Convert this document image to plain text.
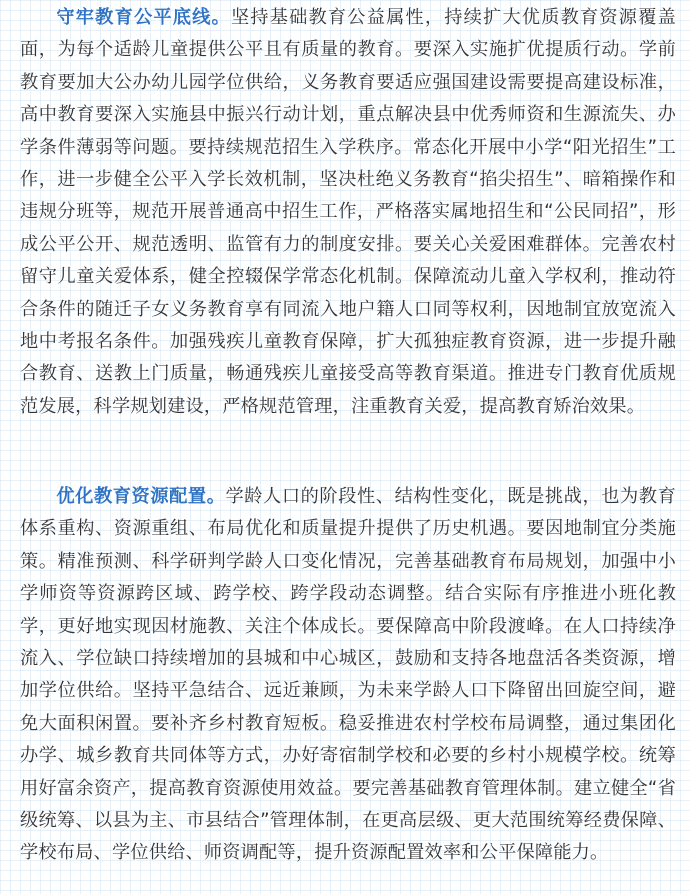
守牢教育公平底线。坚持基础教育公益属性，持续扩大优质教育资源覆盖面，为每个适龄儿童提供公平且有质量的教育。要深入实施扩优提质行动。学前教育要加大公办幼儿园学位供给，义务教育要适应强国建设需要提高建设标准，高中教育要深入实施县中振兴行动计划，重点解决县中优秀师资和生源流失、办学条件薄弱等问题。要持续规范招生入学秩序。常态化开展中小学“阳光招生”工作，进一步健全公平入学长效机制，坚决杜绝义务教育“掐尖招生”、暗箱操作和违规分班等，规范开展普通高中招生工作，严格落实属地招生和“公民同招”，形成公平公开、规范透明、监管有力的制度安排。要关心关爱困难群体。完善农村留守儿童关爱体系，健全控辍保学常态化机制。保障流动儿童入学权利，推动符合条件的随迁子女义务教育享有同流入地户籍人口同等权利，因地制宜放宽流入地中考报名条件。加强残疾儿童教育保障，扩大孤独症教育资源，进一步提升融合教育、送教上门质量，畅通残疾儿童接受高等教育渠道。推进专门教育优质规范发展，科学规划建设，严格规范管理，注重教育关爱，提高教育矫治效果。

优化教育资源配置。学龄人口的阶段性、结构性变化，既是挑战，也为教育体系重构、资源重组、布局优化和质量提升提供了历史机遇。要因地制宜分类施策。精准预测、科学研判学龄人口变化情况，完善基础教育布局规划，加强中小学师资等资源跨区域、跨学校、跨学段动态调整。结合实际有序推进小班化教学，更好地实现因材施教、关注个体成长。要保障高中阶段渡峰。在人口持续净流入、学位缺口持续增加的县城和中心城区，鼓励和支持各地盘活各类资源，增加学位供给。坚持平急结合、远近兼顾，为未来学龄人口下降留出回旋空间，避免大面积闲置。要补齐乡村教育短板。稳妥推进农村学校布局调整，通过集团化办学、城乡教育共同体等方式，办好寄宿制学校和必要的乡村小规模学校。统筹用好富余资产，提高教育资源使用效益。要完善基础教育管理体制。建立健全“省级统筹、以县为主、市县结合”管理体制，在更高层级、更大范围统筹经费保障、学校布局、学位供给、师资调配等，提升资源配置效率和公平保障能力。
